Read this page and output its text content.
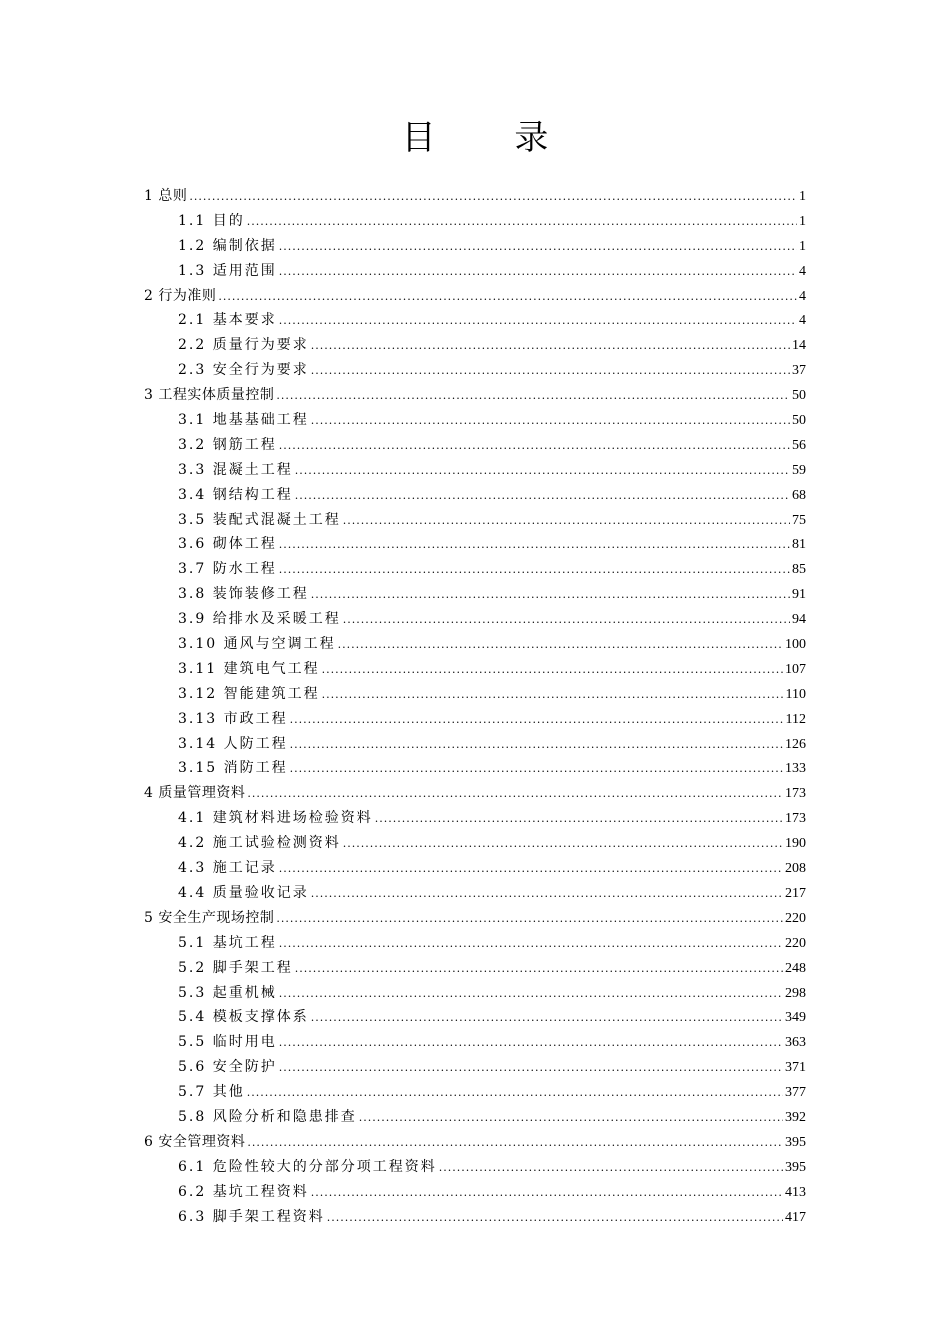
目 录
1 总则 .....	1
1.1 目的 .....	1
1.2 编制依据 .....	1
1.3 适用范围 .....	4
2 行为准则 .....	4
2.1 基本要求 .....	4
2.2 质量行为要求 .....	14
2.3 安全行为要求 .....	37
3 工程实体质量控制 .....	50
3.1 地基基础工程 .....	50
3.2 钢筋工程 .....	56
3.3 混凝土工程 .....	59
3.4 钢结构工程 .....	68
3.5 装配式混凝土工程 .....	75
3.6 砌体工程 .....	81
3.7 防水工程 .....	85
3.8 装饰装修工程 .....	91
3.9 给排水及采暖工程 .....	94
3.10 通风与空调工程 .....	100
3.11 建筑电气工程 .....	107
3.12 智能建筑工程 .....	110
3.13 市政工程 .....	112
3.14 人防工程 .....	126
3.15 消防工程 .....	133
4 质量管理资料 .....	173
4.1 建筑材料进场检验资料 .....	173
4.2 施工试验检测资料 .....	190
4.3 施工记录 .....	208
4.4 质量验收记录 .....	217
5 安全生产现场控制 .....	220
5.1 基坑工程 .....	220
5.2 脚手架工程 .....	248
5.3 起重机械 .....	298
5.4 模板支撑体系 .....	349
5.5 临时用电 .....	363
5.6 安全防护 .....	371
5.7 其他 .....	377
5.8 风险分析和隐患排查 .....	392
6 安全管理资料 .....	395
6.1 危险性较大的分部分项工程资料 .....	395
6.2 基坑工程资料 .....	413
6.3 脚手架工程资料 .....	417
